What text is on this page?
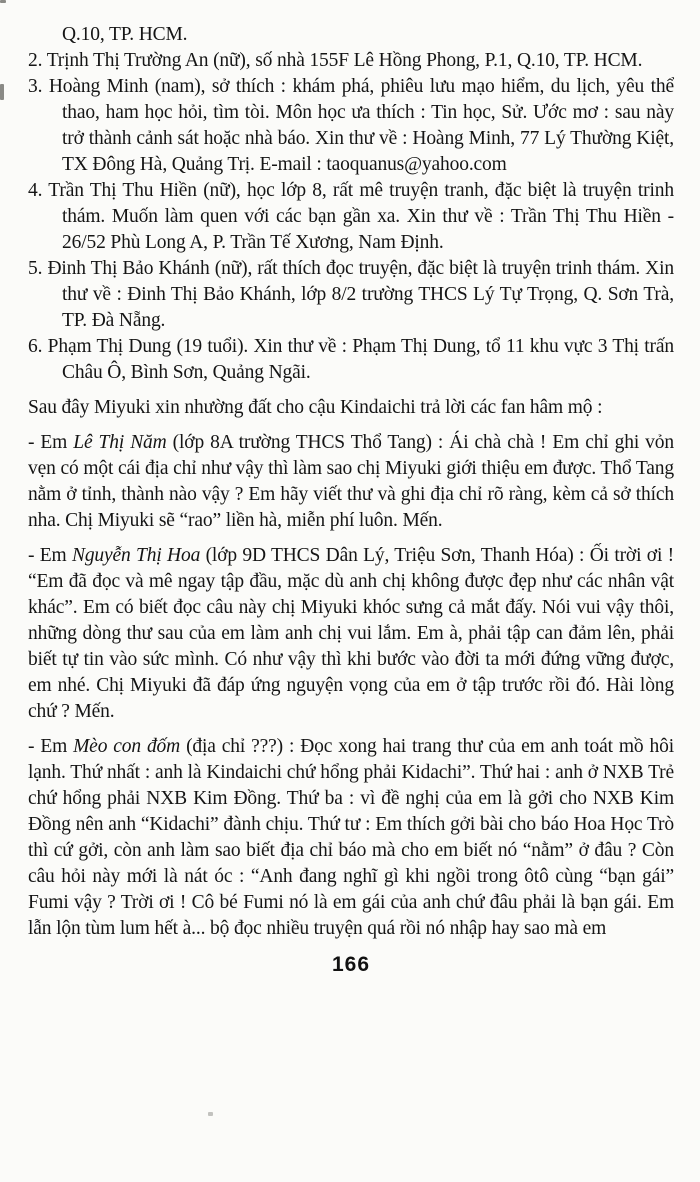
Q.10, TP. HCM.
2. Trịnh Thị Trường An (nữ), số nhà 155F Lê Hồng Phong, P.1, Q.10, TP. HCM.
3. Hoàng Minh (nam), sở thích : khám phá, phiêu lưu mạo hiểm, du lịch, yêu thể thao, ham học hỏi, tìm tòi. Môn học ưa thích : Tin học, Sử. Ước mơ : sau này trở thành cảnh sát hoặc nhà báo. Xin thư về : Hoàng Minh, 77 Lý Thường Kiệt, TX Đông Hà, Quảng Trị. E-mail : taoquanus@yahoo.com
4. Trần Thị Thu Hiền (nữ), học lớp 8, rất mê truyện tranh, đặc biệt là truyện trinh thám. Muốn làm quen với các bạn gần xa. Xin thư về : Trần Thị Thu Hiền - 26/52 Phù Long A, P. Trần Tế Xương, Nam Định.
5. Đinh Thị Bảo Khánh (nữ), rất thích đọc truyện, đặc biệt là truyện trinh thám. Xin thư về : Đinh Thị Bảo Khánh, lớp 8/2 trường THCS Lý Tự Trọng, Q. Sơn Trà, TP. Đà Nẵng.
6. Phạm Thị Dung (19 tuổi). Xin thư về : Phạm Thị Dung, tổ 11 khu vực 3 Thị trấn Châu Ô, Bình Sơn, Quảng Ngãi.

Sau đây Miyuki xin nhường đất cho cậu Kindaichi trả lời các fan hâm mộ :

- Em Lê Thị Năm (lớp 8A trường THCS Thổ Tang) : Ái chà chà ! Em chỉ ghi vỏn vẹn có một cái địa chỉ như vậy thì làm sao chị Miyuki giới thiệu em được. Thổ Tang nằm ở tỉnh, thành nào vậy ? Em hãy viết thư và ghi địa chỉ rõ ràng, kèm cả sở thích nha. Chị Miyuki sẽ “rao” liền hà, miễn phí luôn. Mến.

- Em Nguyễn Thị Hoa (lớp 9D THCS Dân Lý, Triệu Sơn, Thanh Hóa) : Ối trời ơi ! “Em đã đọc và mê ngay tập đầu, mặc dù anh chị không được đẹp như các nhân vật khác”. Em có biết đọc câu này chị Miyuki khóc sưng cả mắt đấy. Nói vui vậy thôi, những dòng thư sau của em làm anh chị vui lắm. Em à, phải tập can đảm lên, phải biết tự tin vào sức mình. Có như vậy thì khi bước vào đời ta mới đứng vững được, em nhé. Chị Miyuki đã đáp ứng nguyện vọng của em ở tập trước rồi đó. Hài lòng chứ ? Mến.

- Em Mèo con đốm (địa chỉ ???) : Đọc xong hai trang thư của em anh toát mồ hôi lạnh. Thứ nhất : anh là Kindaichi chứ hổng phải Kidachi”. Thứ hai : anh ở NXB Trẻ chứ hổng phải NXB Kim Đồng. Thứ ba : vì đề nghị của em là gởi cho NXB Kim Đồng nên anh “Kidachi” đành chịu. Thứ tư : Em thích gởi bài cho báo Hoa Học Trò thì cứ gởi, còn anh làm sao biết địa chỉ báo mà cho em biết nó “nằm” ở đâu ? Còn câu hỏi này mới là nát óc : “Anh đang nghĩ gì khi ngồi trong ôtô cùng “bạn gái” Fumi vậy ? Trời ơi ! Cô bé Fumi nó là em gái của anh chứ đâu phải là bạn gái. Em lẫn lộn tùm lum hết à... bộ đọc nhiều truyện quá rồi nó nhập hay sao mà em

166
